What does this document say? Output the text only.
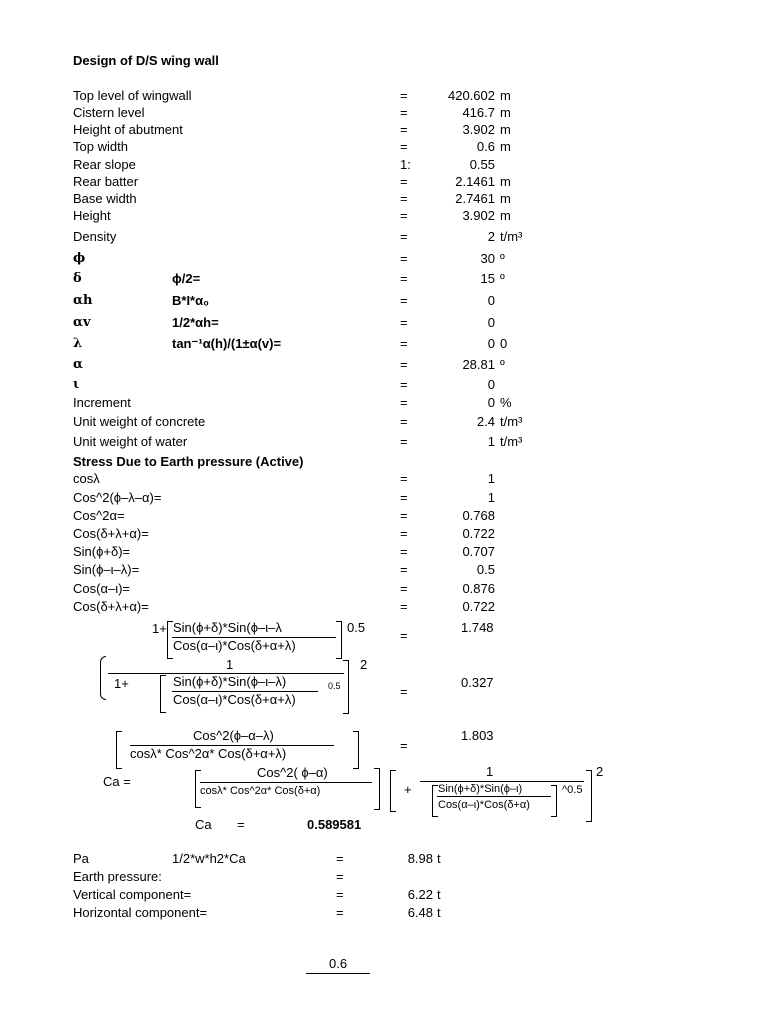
Design of D/S wing wall
Top level of wingwall	=	420.602 m
Cistern level	=	416.7 m
Height of abutment	=	3.902 m
Top width	=	0.6 m
Rear slope	1:	0.55
Rear batter	=	2.1461 m
Base width	=	2.7461 m
Height	=	3.902 m
Density	=	2 t/m³
ϕ	=	30 º
δ	ϕ/2=	=	15 º
αh	B*I*α₀	=	0
αv	1/2*αh=	=	0
λ	tan⁻¹α(h)/(1±α(v)=	=	0 0
α	=	28.81 º
ι	=	0
Increment	=	0 %
Unit weight of concrete	=	2.4 t/m³
Unit weight of water	=	1 t/m³
Stress Due to Earth pressure (Active)
cosλ	=	1
Cos^2(ϕ–λ–α)=	=	1
Cos^2α=	=	0.768
Cos(δ+λ+α)=	=	0.722
Sin(ϕ+δ)=	=	0.707
Sin(ϕ–ι–λ)=	=	0.5
Cos(α–ι)=	=	0.876
Cos(δ+λ+α)=	=	0.722
1+ Sin(ϕ+δ)*Sin(ϕ–ι–λ
Cos(α–ι)*Cos(δ+α+λ)
0.5
=
1.748
1
1+	Sin(ϕ+δ)*Sin(ϕ–ι–λ)
Cos(α–ι)*Cos(δ+α+λ)
0.5
2
=
0.327
Cos^2(ϕ–α–λ)
cosλ* Cos^2α* Cos(δ+α+λ)
=
1.803
Ca =
Cos^2( ϕ–α)
cosλ* Cos^2α* Cos(δ+α)	+
1
Sin(ϕ+δ)*Sin(ϕ–ι)
Cos(α–ι)*Cos(δ+α)
^0.5
2
Ca =	0.589581
Pa	1/2*w*h2*Ca	=	8.98 t
Earth pressure:	=
Vertical component=	=	6.22 t
Horizontal component=	=	6.48 t
0.6
